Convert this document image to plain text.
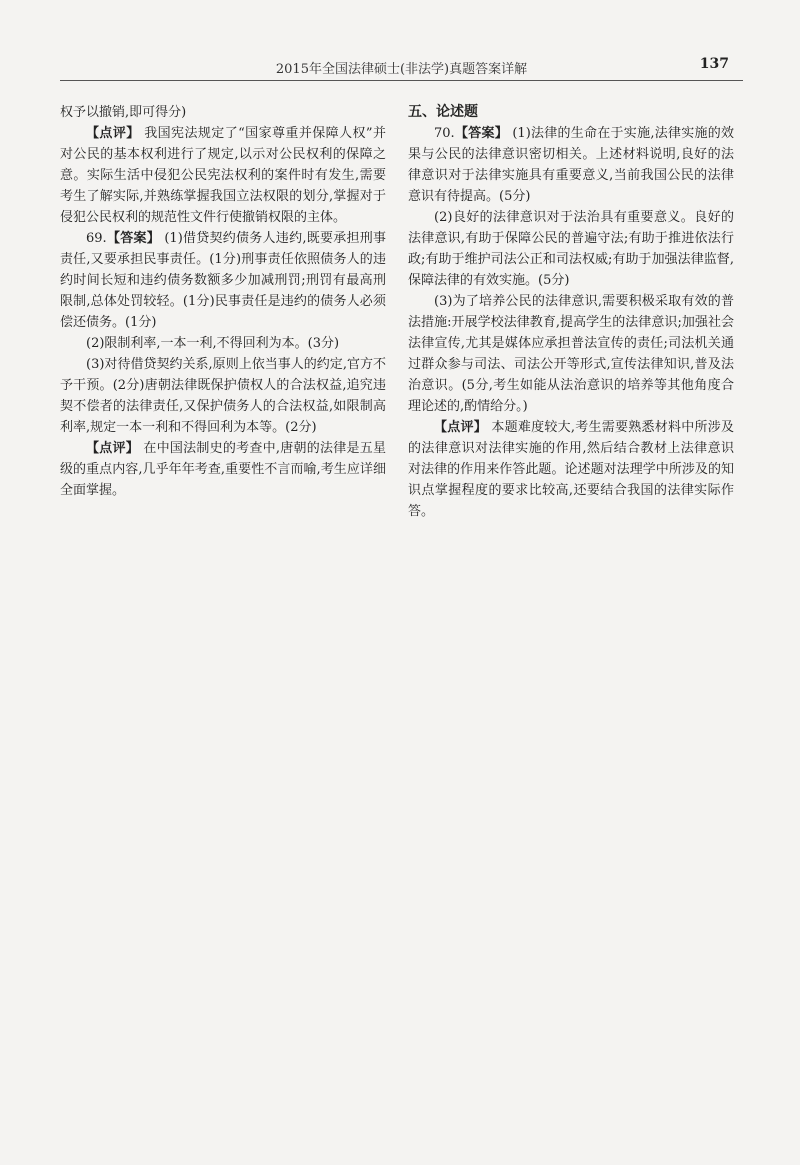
2015年全国法律硕士(非法学)真题答案详解	137

权予以撤销,即可得分)

【点评】 我国宪法规定了“国家尊重并保障人权”并对公民的基本权利进行了规定,以示对公民权利的保障之意。实际生活中侵犯公民宪法权利的案件时有发生,需要考生了解实际,并熟练掌握我国立法权限的划分,掌握对于侵犯公民权利的规范性文件行使撤销权限的主体。

69.【答案】 (1)借贷契约债务人违约,既要承担刑事责任,又要承担民事责任。(1分)刑事责任依照债务人的违约时间长短和违约债务数额多少加减刑罚;刑罚有最高刑限制,总体处罚较轻。(1分)民事责任是违约的债务人必须偿还债务。(1分)

(2)限制利率,一本一利,不得回利为本。(3分)

(3)对待借贷契约关系,原则上依当事人的约定,官方不予干预。(2分)唐朝法律既保护债权人的合法权益,追究违契不偿者的法律责任,又保护债务人的合法权益,如限制高利率,规定一本一利和不得回利为本等。(2分)

【点评】 在中国法制史的考查中,唐朝的法律是五星级的重点内容,几乎年年考查,重要性不言而喻,考生应详细全面掌握。

五、论述题

70.【答案】 (1)法律的生命在于实施,法律实施的效果与公民的法律意识密切相关。上述材料说明,良好的法律意识对于法律实施具有重要意义,当前我国公民的法律意识有待提高。(5分)

(2)良好的法律意识对于法治具有重要意义。良好的法律意识,有助于保障公民的普遍守法;有助于推进依法行政;有助于维护司法公正和司法权威;有助于加强法律监督,保障法律的有效实施。(5分)

(3)为了培养公民的法律意识,需要积极采取有效的普法措施:开展学校法律教育,提高学生的法律意识;加强社会法律宣传,尤其是媒体应承担普法宣传的责任;司法机关通过群众参与司法、司法公开等形式,宣传法律知识,普及法治意识。(5分,考生如能从法治意识的培养等其他角度合理论述的,酌情给分。)

【点评】 本题难度较大,考生需要熟悉材料中所涉及的法律意识对法律实施的作用,然后结合教材上法律意识对法律的作用来作答此题。论述题对法理学中所涉及的知识点掌握程度的要求比较高,还要结合我国的法律实际作答。
